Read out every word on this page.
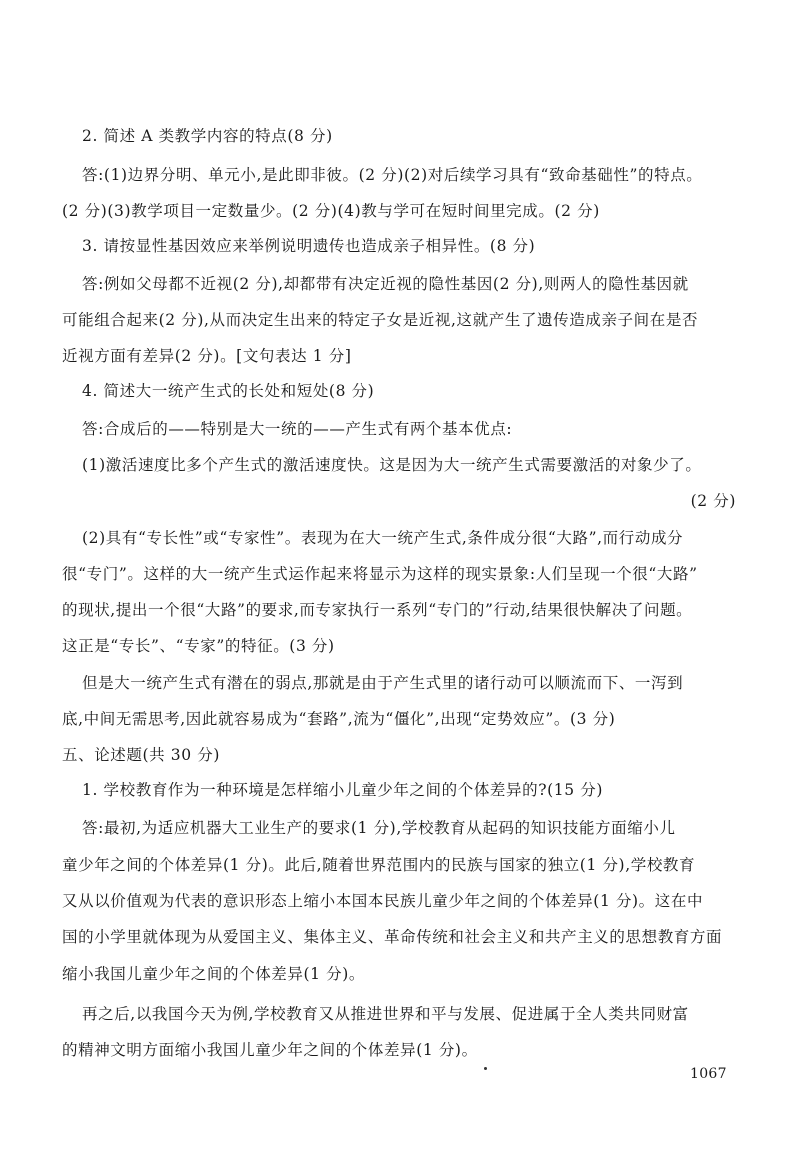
2. 简述 A 类教学内容的特点(8 分)
答:(1)边界分明、单元小,是此即非彼。(2 分)(2)对后续学习具有“致命基础性”的特点。
(2 分)(3)教学项目一定数量少。(2 分)(4)教与学可在短时间里完成。(2 分)
3. 请按显性基因效应来举例说明遗传也造成亲子相异性。(8 分)
答:例如父母都不近视(2 分),却都带有决定近视的隐性基因(2 分),则两人的隐性基因就
可能组合起来(2 分),从而决定生出来的特定子女是近视,这就产生了遗传造成亲子间在是否
近视方面有差异(2 分)。[文句表达 1 分]
4. 简述大一统产生式的长处和短处(8 分)
答:合成后的——特别是大一统的——产生式有两个基本优点:
(1)激活速度比多个产生式的激活速度快。这是因为大一统产生式需要激活的对象少了。
(2 分)
(2)具有“专长性”或“专家性”。表现为在大一统产生式,条件成分很“大路”,而行动成分
很“专门”。这样的大一统产生式运作起来将显示为这样的现实景象:人们呈现一个很“大路”
的现状,提出一个很“大路”的要求,而专家执行一系列“专门的”行动,结果很快解决了问题。
这正是“专长”、“专家”的特征。(3 分)
但是大一统产生式有潜在的弱点,那就是由于产生式里的诸行动可以顺流而下、一泻到
底,中间无需思考,因此就容易成为“套路”,流为“僵化”,出现“定势效应”。(3 分)
五、论述题(共 30 分)
1. 学校教育作为一种环境是怎样缩小儿童少年之间的个体差异的?(15 分)
答:最初,为适应机器大工业生产的要求(1 分),学校教育从起码的知识技能方面缩小儿
童少年之间的个体差异(1 分)。此后,随着世界范围内的民族与国家的独立(1 分),学校教育
又从以价值观为代表的意识形态上缩小本国本民族儿童少年之间的个体差异(1 分)。这在中
国的小学里就体现为从爱国主义、集体主义、革命传统和社会主义和共产主义的思想教育方面
缩小我国儿童少年之间的个体差异(1 分)。
再之后,以我国今天为例,学校教育又从推进世界和平与发展、促进属于全人类共同财富
的精神文明方面缩小我国儿童少年之间的个体差异(1 分)。
1067
